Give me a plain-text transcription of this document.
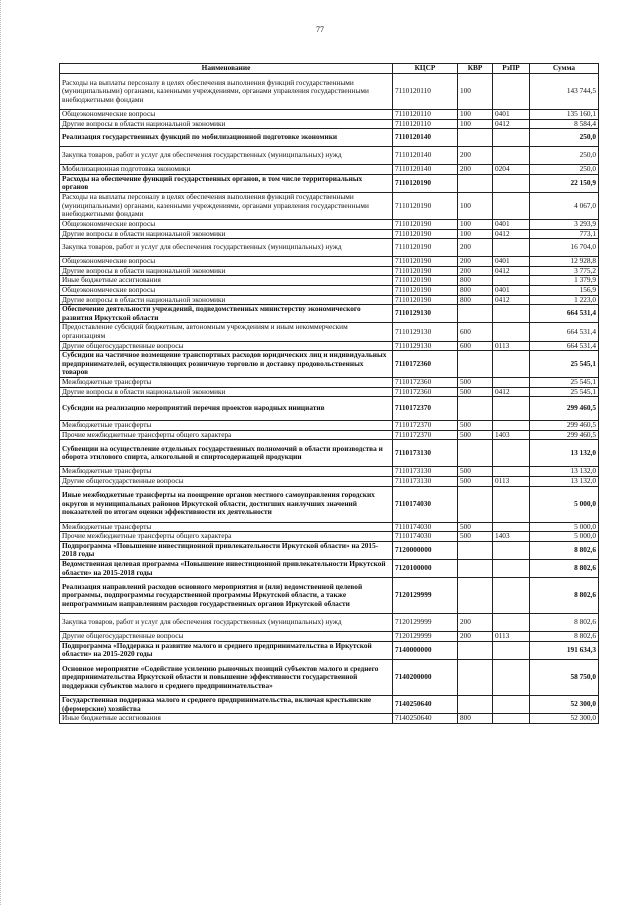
77
Наименование	КЦСР	КВР	РзПР	Сумма
Расходы на выплаты персоналу в целях обеспечения выполнения функций государственными (муниципальными) органами, казенными учреждениями, органами управления государственными внебюджетными фондами	7110120110	100		143 744,5
Общеэкономические вопросы	7110120110	100	0401	135 160,1
Другие вопросы в области национальной экономики	7110120110	100	0412	8 584,4
Реализация государственных функций по мобилизационной подготовке экономики	7110120140			250,0
Закупка товаров, работ и услуг для обеспечения государственных (муниципальных) нужд	7110120140	200		250,0
Мобилизационная подготовка экономики	7110120140	200	0204	250,0
Расходы на обеспечение функций государственных органов, в том числе территориальных органов	7110120190			22 150,9
Расходы на выплаты персоналу в целях обеспечения выполнения функций государственными (муниципальными) органами, казенными учреждениями, органами управления государственными внебюджетными фондами	7110120190	100		4 067,0
Общеэкономические вопросы	7110120190	100	0401	3 293,9
Другие вопросы в области национальной экономики	7110120190	100	0412	773,1
Закупка товаров, работ и услуг для обеспечения государственных (муниципальных) нужд	7110120190	200		16 704,0
Общеэкономические вопросы	7110120190	200	0401	12 928,8
Другие вопросы в области национальной экономики	7110120190	200	0412	3 775,2
Иные бюджетные ассигнования	7110120190	800		1 379,9
Общеэкономические вопросы	7110120190	800	0401	156,9
Другие вопросы в области национальной экономики	7110120190	800	0412	1 223,0
Обеспечение деятельности учреждений, подведомственных министерству экономического развития Иркутской области	7110129130			664 531,4
Предоставление субсидий бюджетным, автономным учреждениям и иным некоммерческим организациям	7110129130	600		664 531,4
Другие общегосударственные вопросы	7110129130	600	0113	664 531,4
Субсидии на частичное возмещение транспортных расходов юридических лиц и индивидуальных предпринимателей, осуществляющих розничную торговлю и доставку продовольственных товаров	7110172360			25 545,1
Межбюджетные трансферты	7110172360	500		25 545,1
Другие вопросы в области национальной экономики	7110172360	500	0412	25 545,1
Субсидии на реализацию мероприятий перечня проектов народных инициатив	7110172370			299 460,5
Межбюджетные трансферты	7110172370	500		299 460,5
Прочие межбюджетные трансферты общего характера	7110172370	500	1403	299 460,5
Субвенции на осуществление отдельных государственных полномочий в области производства и оборота этилового спирта, алкогольной и спиртосодержащей продукции	7110173130			13 132,0
Межбюджетные трансферты	7110173130	500		13 132,0
Другие общегосударственные вопросы	7110173130	500	0113	13 132,0
Иные межбюджетные трансферты на поощрение органов местного самоуправления городских округов и муниципальных районов Иркутской области, достигших наилучших значений показателей по итогам оценки эффективности их деятельности	7110174030			5 000,0
Межбюджетные трансферты	7110174030	500		5 000,0
Прочие межбюджетные трансферты общего характера	7110174030	500	1403	5 000,0
Подпрограмма «Повышение инвестиционной привлекательности Иркутской области» на 2015-2018 годы	7120000000			8 802,6
Ведомственная целевая программа «Повышение инвестиционной привлекательности Иркутской области» на 2015-2018 годы	7120100000			8 802,6
Реализация направлений расходов основного мероприятия и (или) ведомственной целевой программы, подпрограммы государственной программы Иркутской области, а также непрограммным направлениям расходов государственных органов Иркутской области	7120129999			8 802,6
Закупка товаров, работ и услуг для обеспечения государственных (муниципальных) нужд	7120129999	200		8 802,6
Другие общегосударственные вопросы	7120129999	200	0113	8 802,6
Подпрограмма «Поддержка и развитие малого и среднего предпринимательства в Иркутской области» на 2015-2020 годы	7140000000			191 634,3
Основное мероприятие «Содействие усилению рыночных позиций субъектов малого и среднего предпринимательства Иркутской области и повышение эффективности государственной поддержки субъектов малого и среднего предпринимательства»	7140200000			58 750,0
Государственная поддержка малого и среднего предпринимательства, включая крестьянские (фермерские) хозяйства	7140250640			52 300,0
Иные бюджетные ассигнования	7140250640	800		52 300,0
